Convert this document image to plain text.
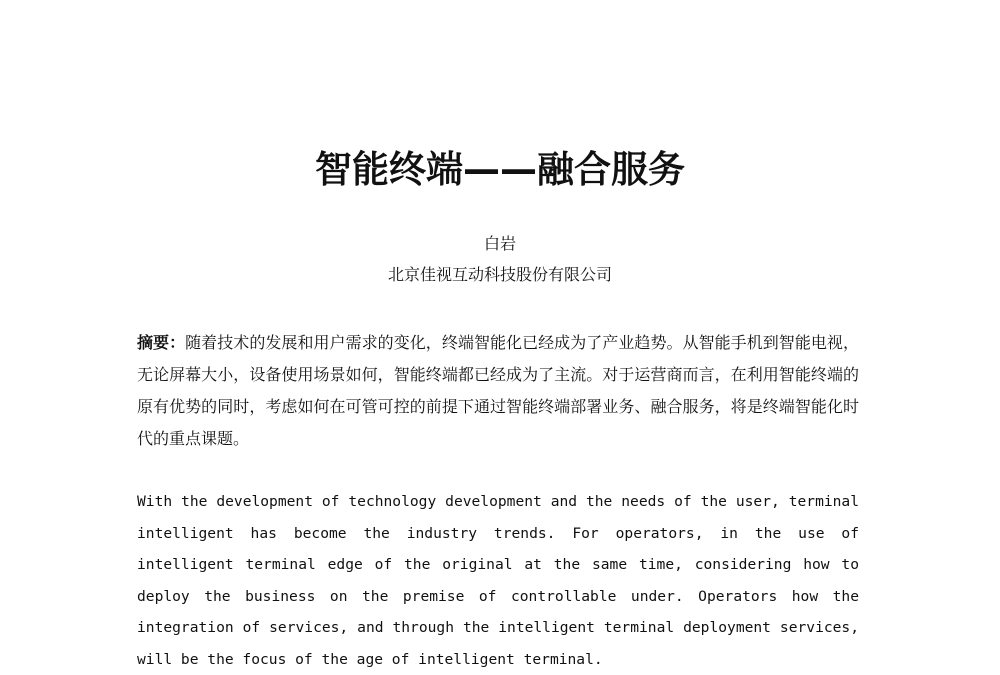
智能终端——融合服务
白岩
北京佳视互动科技股份有限公司
摘要：随着技术的发展和用户需求的变化，终端智能化已经成为了产业趋势。从智能手机到智能电视，无论屏幕大小，设备使用场景如何，智能终端都已经成为了主流。对于运营商而言，在利用智能终端的原有优势的同时，考虑如何在可管可控的前提下通过智能终端部署业务、融合服务，将是终端智能化时代的重点课题。
With the development of technology development and the needs of the user, terminal intelligent has become the industry trends. For operators, in the use of intelligent terminal edge of the original at the same time, considering how to deploy the business on the premise of controllable under. Operators how the integration of services, and through the intelligent terminal deployment services, will be the focus of the age of intelligent terminal.
